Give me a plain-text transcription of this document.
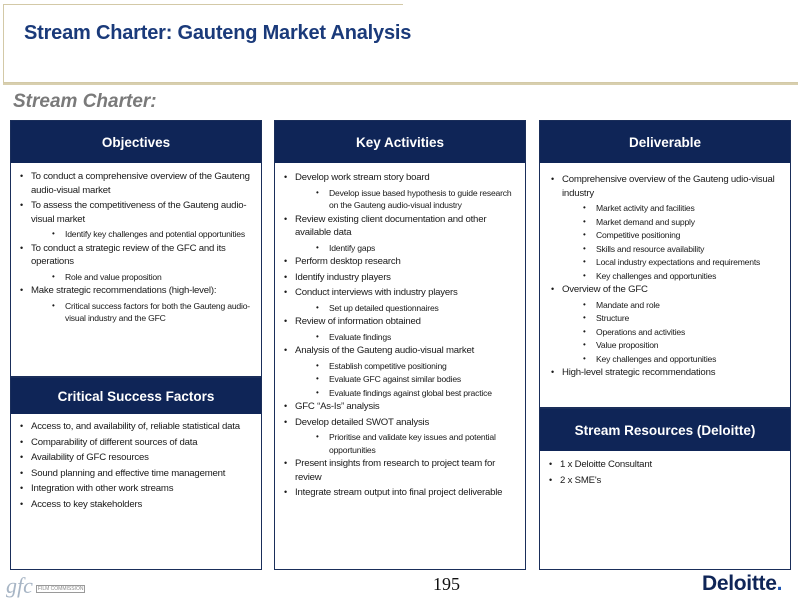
Stream Charter: Gauteng Market Analysis
Stream Charter:
Objectives
• To conduct a comprehensive overview of the Gauteng audio-visual market
• To assess the competitiveness of the Gauteng audio-visual market
• Identify key challenges and potential opportunities
• To conduct a strategic review of the GFC and its operations
• Role and value proposition
• Make strategic recommendations (high-level):
• Critical success factors for both the Gauteng audio-visual industry and the GFC
Critical Success Factors
• Access to, and availability of, reliable statistical data
• Comparability of different sources of data
• Availability of GFC resources
• Sound planning and effective time management
• Integration with other work streams
• Access to key stakeholders
Key Activities
• Develop work stream story board
• Develop issue based hypothesis to guide research on the Gauteng audio-visual industry
• Review existing client documentation and other available data
• Identify gaps
• Perform desktop research
• Identify industry players
• Conduct interviews with industry players
• Set up detailed questionnaires
• Review of information obtained
• Evaluate findings
• Analysis of the Gauteng audio-visual market
• Establish competitive positioning
• Evaluate GFC against similar bodies
• Evaluate findings against global best practice
• GFC “As-Is” analysis
• Develop detailed SWOT analysis
• Prioritise and validate key issues and potential opportunities
• Present insights from research to project team for review
• Integrate stream output into final project deliverable
Deliverable
• Comprehensive overview of the Gauteng udio-visual industry
• Market activity and facilities
• Market demand and supply
• Competitive positioning
• Skills and resource availability
• Local industry expectations and requirements
• Key challenges and opportunities
• Overview of the GFC
• Mandate and role
• Structure
• Operations and activities
• Value proposition
• Key challenges and opportunities
• High-level strategic recommendations
Stream Resources (Deloitte)
• 1 x Deloitte Consultant
• 2 x SME's
gfc	FILM COMMISSION	195	Deloitte.
